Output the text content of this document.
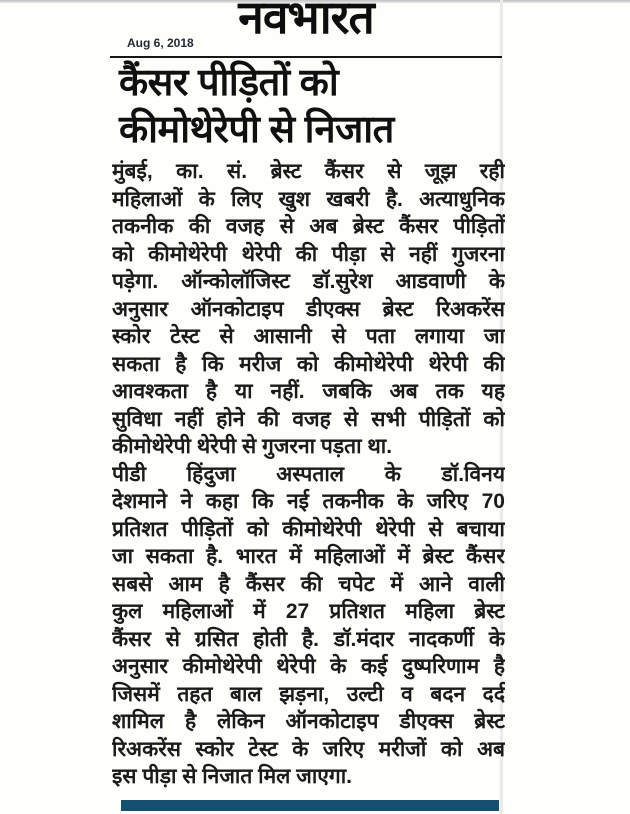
नवभारत
Aug 6, 2018
कैंसर पीड़ितों को
कीमोथेरेपी से निजात
मुंबई, का. सं. ब्रेस्ट कैंसर से जूझ रही
महिलाओं के लिए खुश खबरी है. अत्याधुनिक
तकनीक की वजह से अब ब्रेस्ट कैंसर पीड़ितों
को कीमोथेरेपी थेरेपी की पीड़ा से नहीं गुजरना
पड़ेगा. ऑन्कोलॉजिस्ट डॉ.सुरेश आडवाणी के
अनुसार ऑनकोटाइप डीएक्स ब्रेस्ट रिअकरेंस
स्कोर टेस्ट से आसानी से पता लगाया जा
सकता है कि मरीज को कीमोथेरेपी थेरेपी की
आवश्कता है या नहीं. जबकि अब तक यह
सुविधा नहीं होने की वजह से सभी पीड़ितों को
कीमोथेरेपी थेरेपी से गुजरना पड़ता था.
पीडी हिंदुजा अस्पताल के डॉ.विनय
देशमाने ने कहा कि नई तकनीक के जरिए 70
प्रतिशत पीड़ितों को कीमोथेरेपी थेरेपी से बचाया
जा सकता है. भारत में महिलाओं में ब्रेस्ट कैंसर
सबसे आम है कैंसर की चपेट में आने वाली
कुल महिलाओं में 27 प्रतिशत महिला ब्रेस्ट
कैंसर से ग्रसित होती है. डॉ.मंदार नादकर्णी के
अनुसार कीमोथेरेपी थेरेपी के कई दुष्परिणाम है
जिसमें तहत बाल झड़ना, उल्टी व बदन दर्द
शामिल है लेकिन ऑनकोटाइप डीएक्स ब्रेस्ट
रिअकरेंस स्कोर टेस्ट के जरिए मरीजों को अब
इस पीड़ा से निजात मिल जाएगा.
